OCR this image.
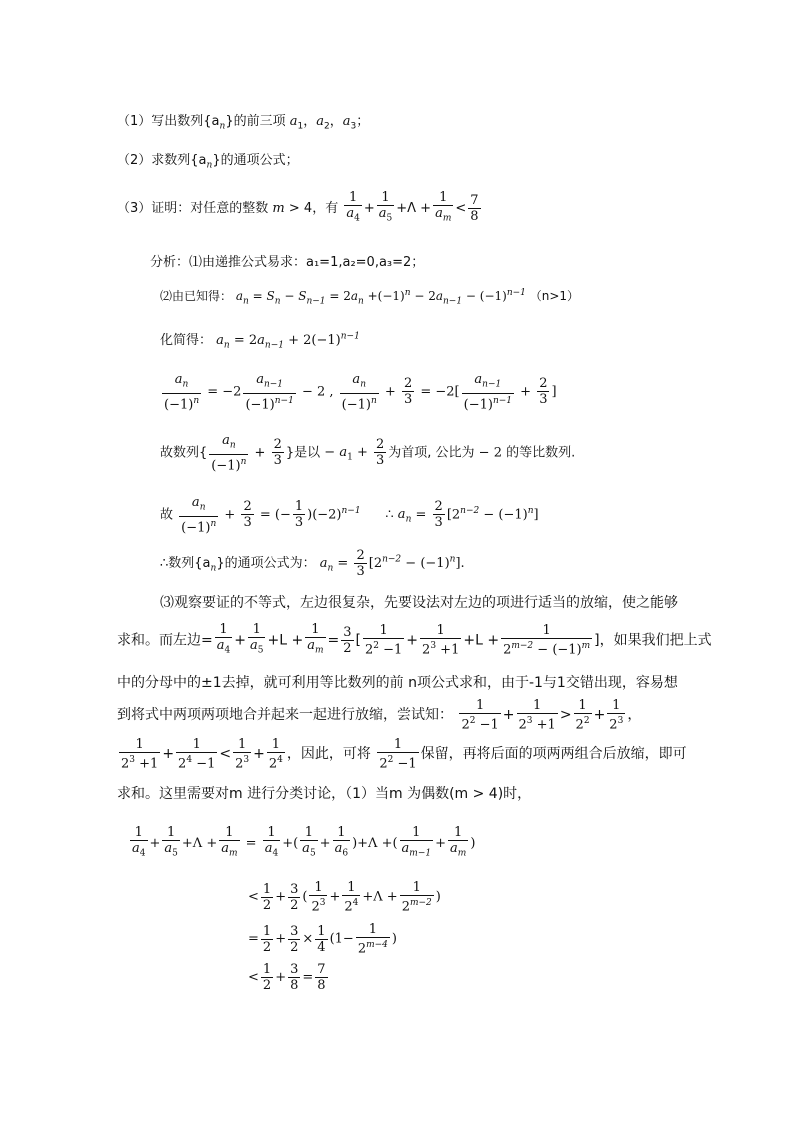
（1）写出数列$\{a_n\}$的前三项 $a_1$，$a_2$，$a_3$；
（2）求数列$\{a_n\}$的通项公式；
（3）证明：对任意的整数 m > 4，有 $\frac{1}{a_4} + \frac{1}{a_5} +\Lambda + \frac{1}{a_m} < \frac{7}{8}$
分析：⑴由递推公式易求：a₁=1,a₂=0,a₃=2；
⑵由已知得： $a_n = S_n - S_{n-1} = 2a_n +(-1)^n - 2a_{n-1} - (-1)^{n-1}$ （n>1）
化简得： $a_n = 2a_{n-1} + 2(-1)^{n-1}$
$\frac{a_n}{(-1)^n} = -2 \frac{a_{n-1}}{(-1)^{n-1}} - 2$ , $\frac{a_n}{(-1)^n} + \frac{2}{3} = -2[ \frac{a_{n-1}}{(-1)^{n-1}} + \frac{2}{3}$ ]
故数列{ $\frac{a_n}{(-1)^n} + \frac{2}{3}$ }是以 − $a_1 + \frac{2}{3}$ 为首项, 公比为 − 2 的等比数列.
故 $\frac{a_n}{(-1)^n} + \frac{2}{3}$ = (− $\frac{1}{3} )(-2)^{n-1}$      ∴ $a_n = \frac{2}{3} [2^{n-2} - (-1)^n]$
∴数列$\{a_n\}$的通项公式为： $a_n = \frac{2}{3} [2^{n-2} - (-1)^n]$.
⑶观察要证的不等式，左边很复杂，先要设法对左边的项进行适当的放缩，使之能够
求和。而左边= $\frac{1}{a_4} + \frac{1}{a_5} +L + \frac{1}{a_m} = \frac{3}{2}$ [ $\frac{1}{2^2 -1} + \frac{1}{2^3 +1} +L + \frac{1}{2^{m-2} - (-1)^m}$ ]，如果我们把上式
中的分母中的±1去掉，就可利用等比数列的前 n项公式求和，由于-1与1交错出现，容易想
到将式中两项两项地合并起来一起进行放缩，尝试知： $\frac{1}{2^2 -1} + \frac{1}{2^3 +1} > \frac{1}{2^2} + \frac{1}{2^3}$ ，
$\frac{1}{2^3 +1} + \frac{1}{2^4 -1} < \frac{1}{2^3} + \frac{1}{2^4}$ ，因此，可将 $\frac{1}{2^2 -1}$ 保留，再将后面的项两两组合后放缩，即可
求和。这里需要对m 进行分类讨论，（1）当m 为偶数(m > 4)时，
$\frac{1}{a_4} + \frac{1}{a_5} +\Lambda + \frac{1}{a_m} = \frac{1}{a_4}$ +( $\frac{1}{a_5} + \frac{1}{a_6} )+\Lambda$ +( $\frac{1}{a_{m-1}} + \frac{1}{a_m}$ )
< $\frac{1}{2} + \frac{3}{2}$ ( $\frac{1}{2^3} + \frac{1}{2^4} +\Lambda + \frac{1}{2^{m-2}}$ )
= $\frac{1}{2} + \frac{3}{2} \times \frac{1}{4} (1- \frac{1}{2^{m-4}}$ )
< $\frac{1}{2} + \frac{3}{8} = \frac{7}{8}$
